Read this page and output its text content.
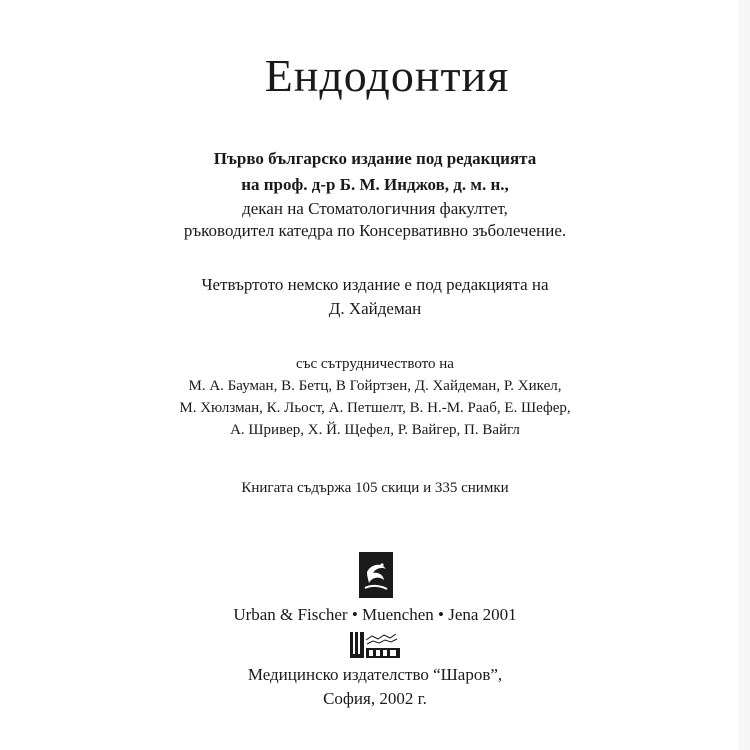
Ендодонтия
Първо българско издание под редакцията
на проф. д-р Б. М. Инджов, д. м. н.,
декан на Стоматологичния факултет,
ръководител катедра по Консервативно зъболечение.
Четвъртото немско издание е под редакцията на
Д. Хайдеман
със сътрудничеството на
М. А. Бауман, В. Бетц, В Гойртзен, Д. Хайдеман, Р. Хикел,
М. Хюлзман, К. Льост, А. Петшелт, В. Н.-М. Рааб, Е. Шефер,
А. Шривер, Х. Й. Щефел, Р. Вайгер, П. Вайгл
Книгата съдържа 105 скици и 335 снимки
Urban & Fischer • Muenchen • Jena 2001
Медицинско издателство “Шаров”,
София, 2002 г.
